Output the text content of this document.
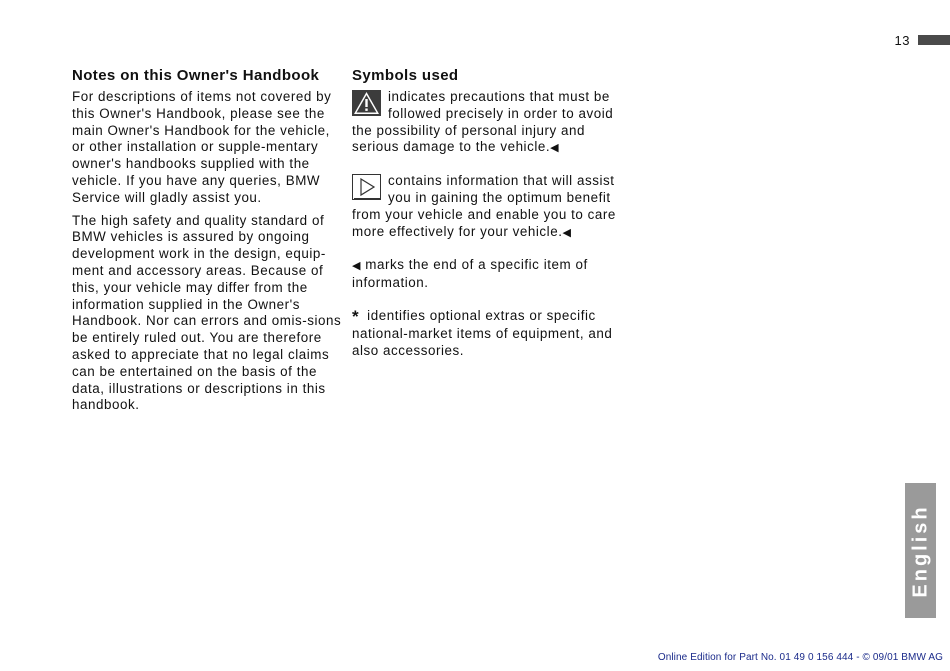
13
Notes on this Owner's Handbook

For descriptions of items not covered by this Owner's Handbook, please see the main Owner's Handbook for the vehicle, or other installation or supple-mentary owner's handbooks supplied with the vehicle. If you have any queries, BMW Service will gladly assist you.

The high safety and quality standard of BMW vehicles is assured by ongoing development work in the design, equip-ment and accessory areas. Because of this, your vehicle may differ from the information supplied in the Owner's Handbook. Nor can errors and omis-sions be entirely ruled out. You are therefore asked to appreciate that no legal claims can be entertained on the basis of the data, illustrations or descriptions in this handbook.

Symbols used

indicates precautions that must be followed precisely in order to avoid the possibility of personal injury and serious damage to the vehicle.◀

contains information that will assist you in gaining the optimum benefit from your vehicle and enable you to care more effectively for your vehicle.◀

◀ marks the end of a specific item of information.

* identifies optional extras or specific national-market items of equipment, and also accessories.

English
Online Edition for Part No. 01 49 0 156 444 - © 09/01 BMW AG
